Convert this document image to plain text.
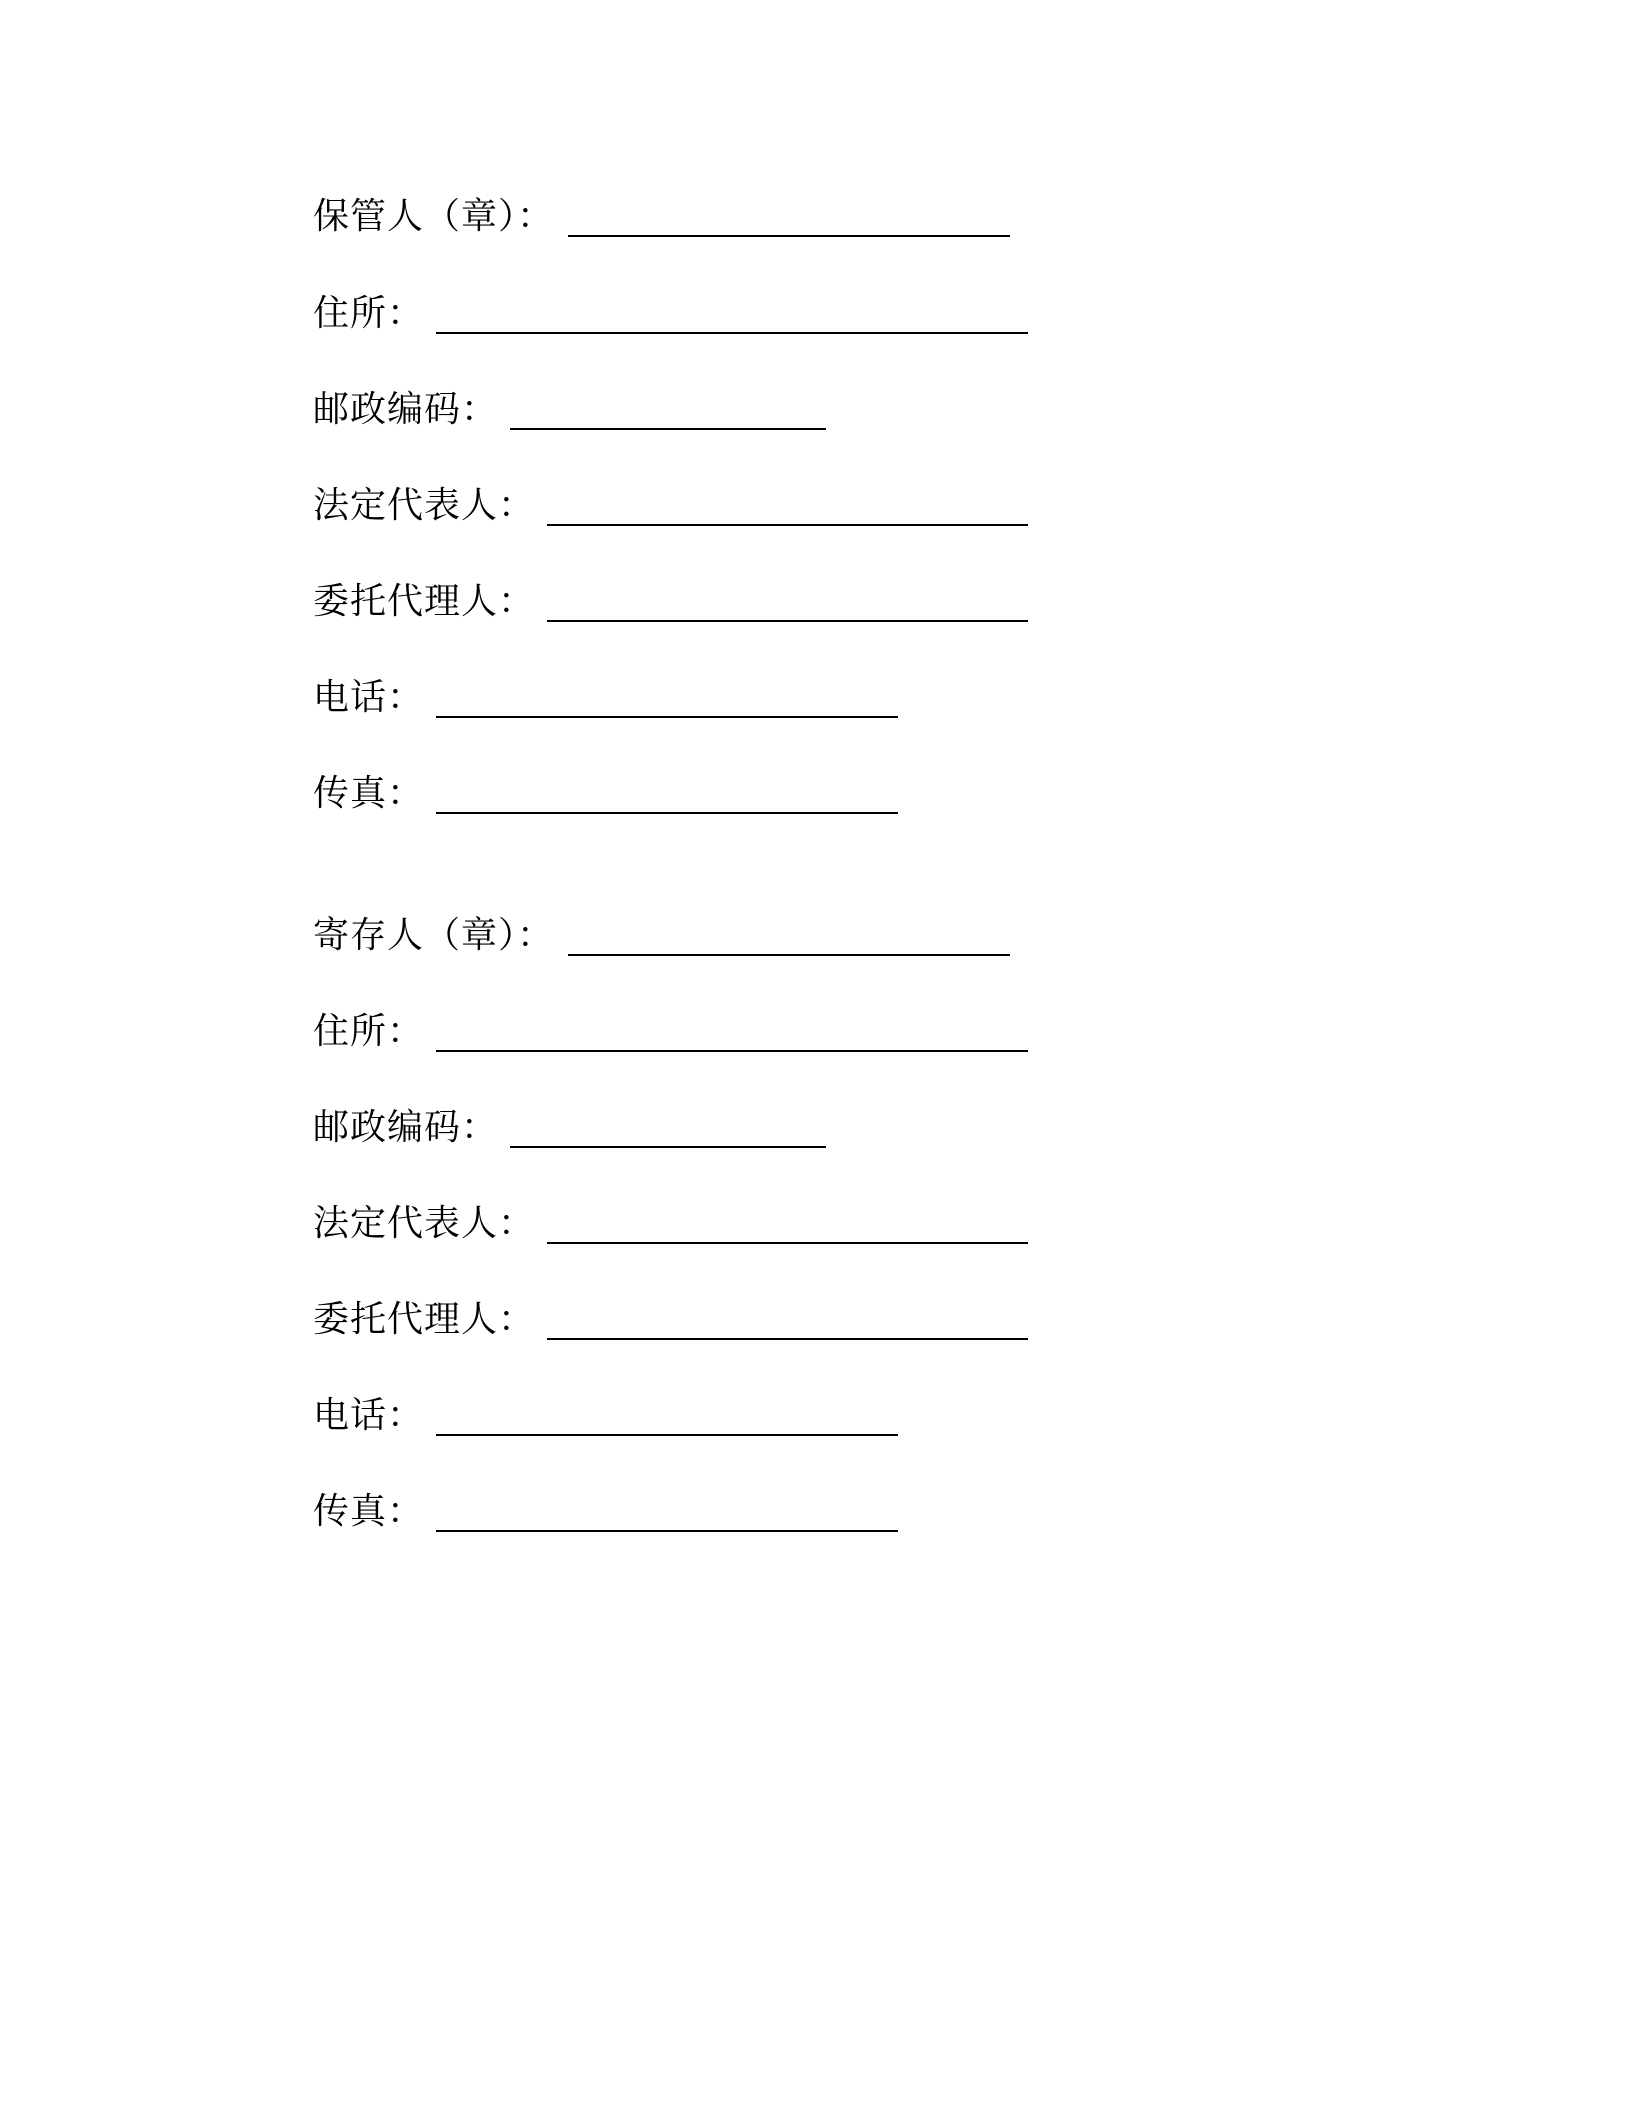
保管人（章）：
住所：
邮政编码：
法定代表人：
委托代理人：
电话：
传真：
寄存人（章）：
住所：
邮政编码：
法定代表人：
委托代理人：
电话：
传真：
